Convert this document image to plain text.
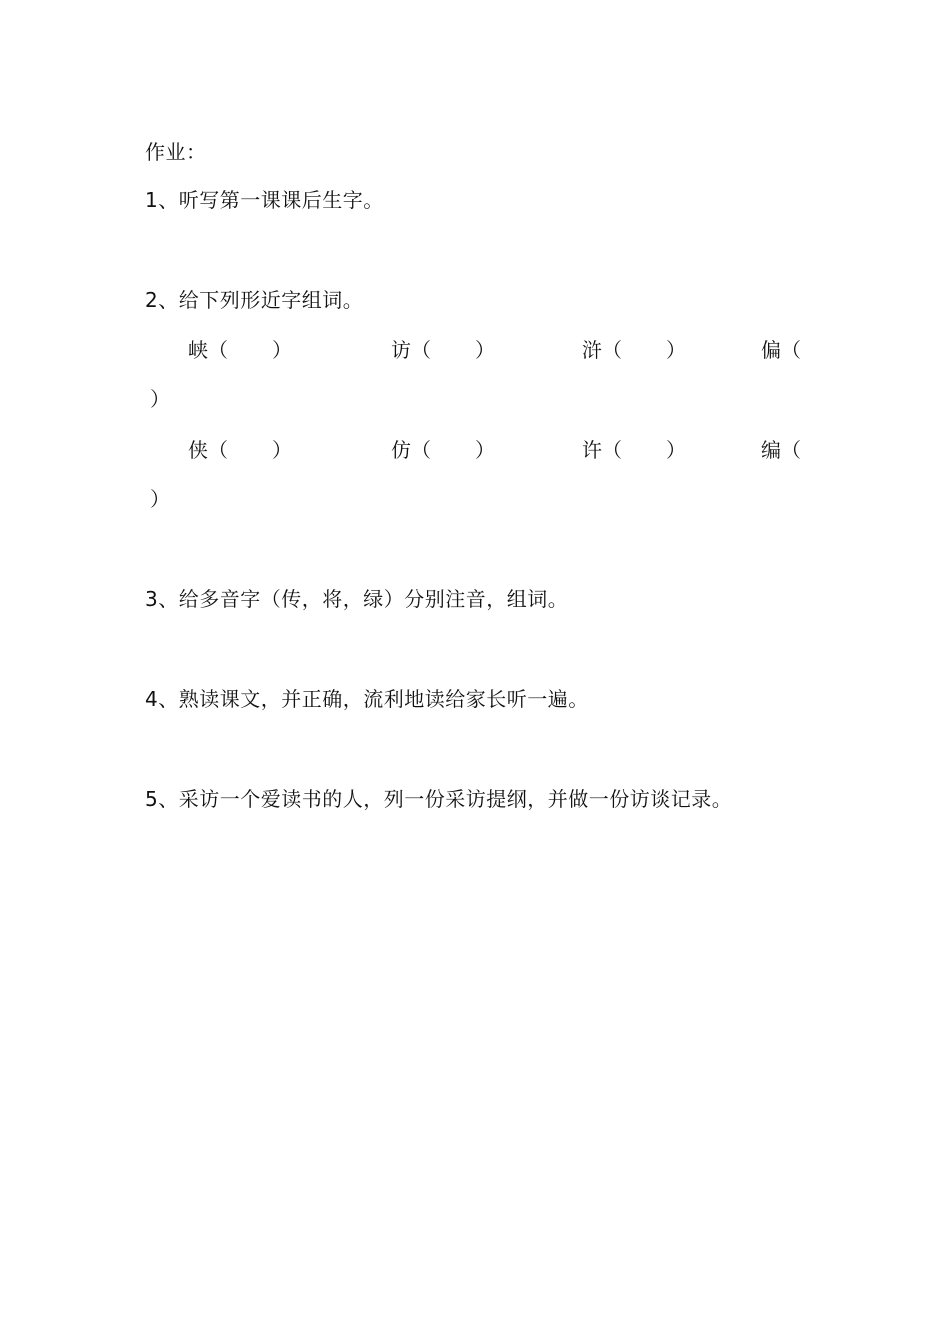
作业：
1、听写第一课课后生字。
2、给下列形近字组词。
峡（ ）	访（ ）	浒（ ）	偏（
）
侠（ ）	仿（ ）	许（ ）	编（
）
3、给多音字（传，将，绿）分别注音，组词。
4、熟读课文，并正确，流利地读给家长听一遍。
5、采访一个爱读书的人，列一份采访提纲，并做一份访谈记录。
